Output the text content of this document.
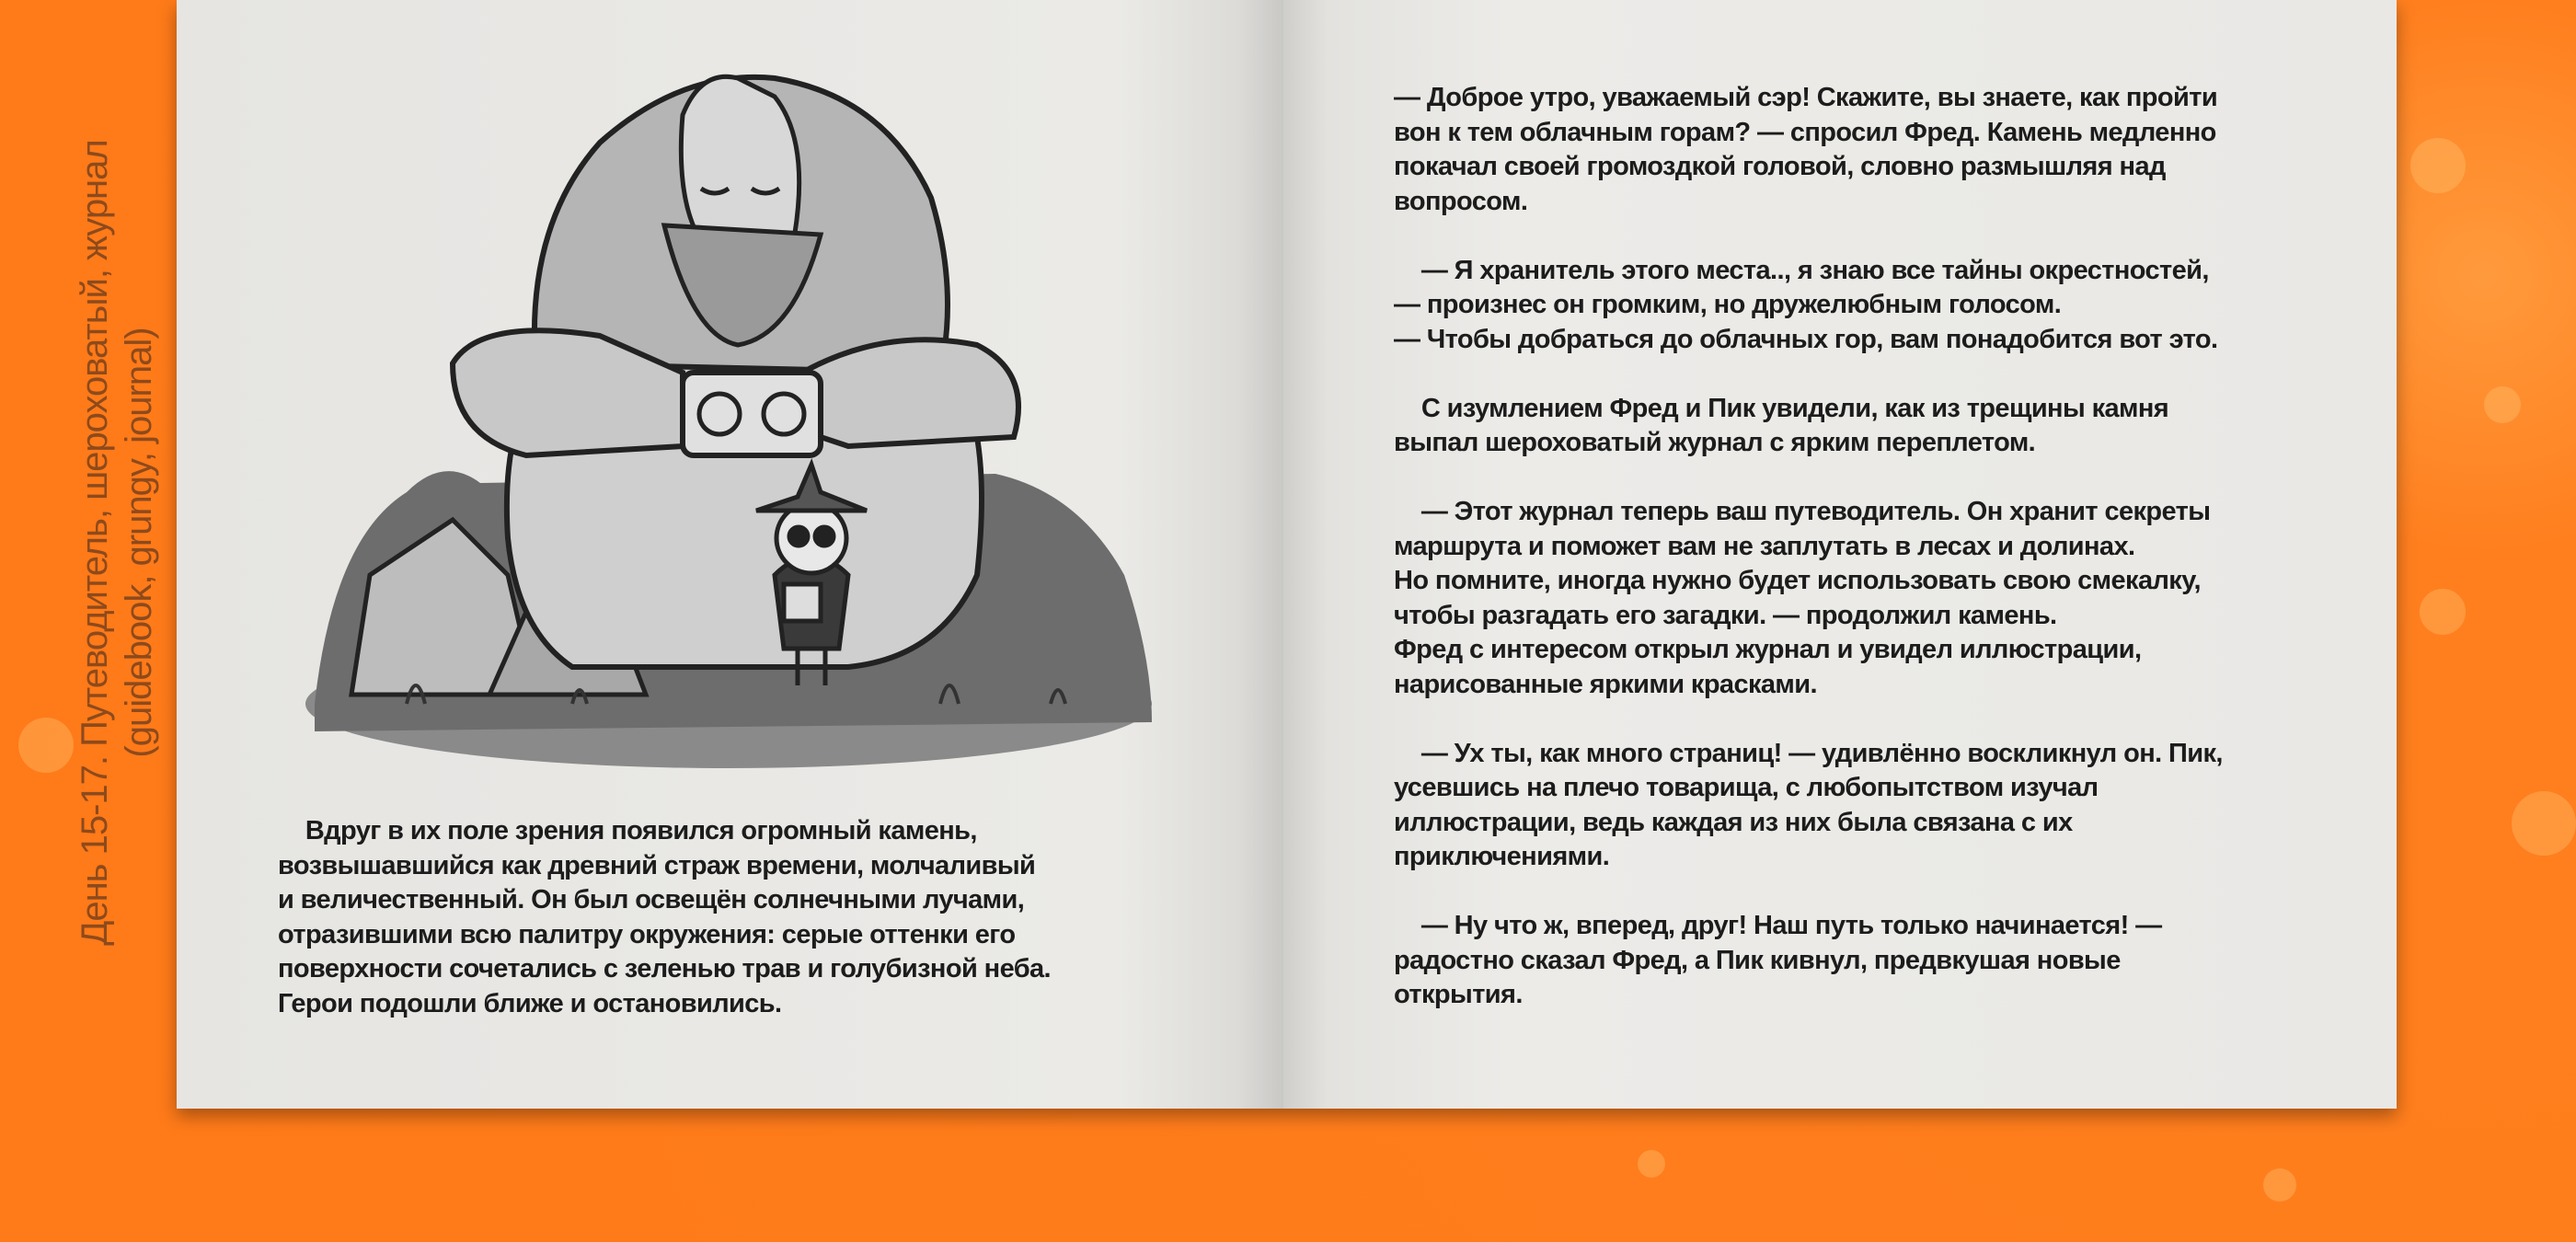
День 15-17. Путеводитель, шероховатый, журнал (guidebook, grungy, journal)
Вдруг в их поле зрения появился огромный камень,
возвышавшийся как древний страж времени, молчаливый
и величественный. Он был освещён солнечными лучами,
отразившими всю палитру окружения: серые оттенки его
поверхности сочетались с зеленью трав и голубизной неба.
Герои подошли ближе и остановились.
— Доброе утро, уважаемый сэр! Скажите, вы знаете, как пройти
вон к тем облачным горам? — спросил Фред. Камень медленно
покачал своей громоздкой головой, словно размышляя над
вопросом.
— Я хранитель этого места.., я знаю все тайны окрестностей,
— произнес он громким, но дружелюбным голосом.
— Чтобы добраться до облачных гор, вам понадобится вот это.
С изумлением Фред и Пик увидели, как из трещины камня
выпал шероховатый журнал с ярким переплетом.
— Этот журнал теперь ваш путеводитель. Он хранит секреты
маршрута и поможет вам не заплутать в лесах и долинах.
Но помните, иногда нужно будет использовать свою смекалку,
чтобы разгадать его загадки. — продолжил камень.
Фред с интересом открыл журнал и увидел иллюстрации,
нарисованные яркими красками.
— Ух ты, как много страниц! — удивлённо воскликнул он. Пик,
усевшись на плечо товарища, с любопытством изучал
иллюстрации, ведь каждая из них была связана с их
приключениями.
— Ну что ж, вперед, друг! Наш путь только начинается! —
радостно сказал Фред, а Пик кивнул, предвкушая новые
открытия.
